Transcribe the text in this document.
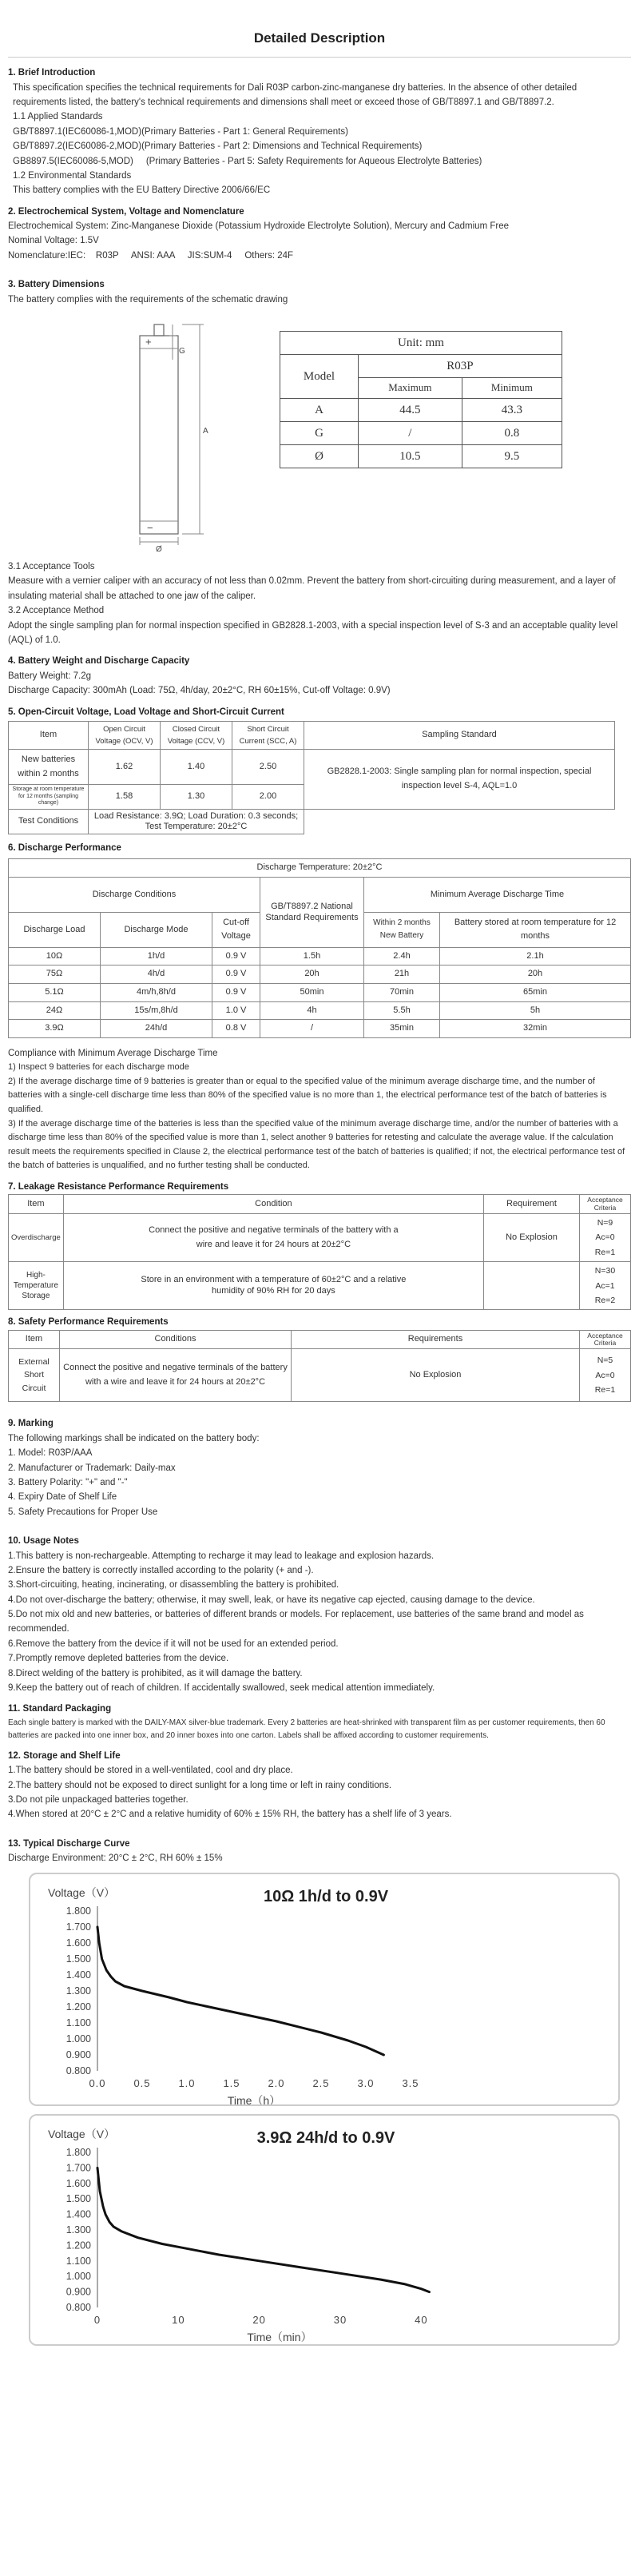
Detailed Description
1. Brief Introduction

This specification specifies the technical requirements for Dali R03P carbon-zinc-manganese dry batteries. In the absence of other detailed requirements listed, the battery's technical requirements and dimensions shall meet or exceed those of GB/T8897.1 and GB/T8897.2.

1.1 Applied Standards

GB/T8897.1(IEC60086-1,MOD)(Primary Batteries - Part 1: General Requirements)

GB/T8897.2(IEC60086-2,MOD)(Primary Batteries - Part 2: Dimensions and Technical Requirements)

GB8897.5(IEC60086-5,MOD)     (Primary Batteries - Part 5: Safety Requirements for Aqueous Electrolyte Batteries)

1.2 Environmental Standards

This battery complies with the EU Battery Directive 2006/66/EC

2. Electrochemical System, Voltage and Nomenclature

Electrochemical System: Zinc-Manganese Dioxide (Potassium Hydroxide Electrolyte Solution), Mercury and Cadmium Free

Nominal Voltage: 1.5V

Nomenclature:IEC:    R03P     ANSI: AAA     JIS:SUM-4     Others: 24F

3. Battery Dimensions

The battery complies with the requirements of the schematic drawing

+
−
G
A
Ø
Unit: mm		
Model	R03P	
	Maximum	Minimum
A	44.5	43.3
G	/	0.8
Ø	10.5	9.5

3.1 Acceptance Tools

Measure with a vernier caliper with an accuracy of not less than 0.02mm. Prevent the battery from short-circuiting during measurement, and a layer of insulating material shall be attached to one jaw of the caliper.

3.2 Acceptance Method

Adopt the single sampling plan for normal inspection specified in GB2828.1-2003, with a special inspection level of S-3 and an acceptable quality level (AQL) of 1.0.

4. Battery Weight and Discharge Capacity

Battery Weight: 7.2g

Discharge Capacity: 300mAh (Load: 75Ω, 4h/day, 20±2°C, RH 60±15%, Cut-off Voltage: 0.9V)

5. Open-Circuit Voltage, Load Voltage and Short-Circuit Current
Item	Open Circuit Voltage (OCV, V)	Closed Circuit Voltage (CCV, V)	Short Circuit Current (SCC, A)	Sampling Standard
New batteries within 2 months	1.62	1.40	2.50	GB2828.1-2003: Single sampling plan for normal inspection, special inspection level S-4, AQL=1.0
Storage at room temperature for 12 months (sampling change)	1.58	1.30	2.00	
Test Conditions	Load Resistance: 3.9Ω; Load Duration: 0.3 seconds; Test Temperature: 20±2°C			
6. Discharge Performance
Discharge Temperature: 20±2°C					
Discharge Conditions			GB/T8897.2 National Standard Requirements	Minimum Average Discharge Time	
Discharge Load	Discharge Mode	Cut-off Voltage		Within 2 months New Battery	Battery stored at room temperature for 12 months
10Ω	1h/d	0.9 V	1.5h	2.4h	2.1h
75Ω	4h/d	0.9 V	20h	21h	20h
5.1Ω	4m/h,8h/d	0.9 V	50min	70min	65min
24Ω	15s/m,8h/d	1.0 V	4h	5.5h	5h
3.9Ω	24h/d	0.8 V	/	35min	32min

Compliance with Minimum Average Discharge Time

1) Inspect 9 batteries for each discharge mode

2) If the average discharge time of 9 batteries is greater than or equal to the specified value of the minimum average discharge time, and the number of batteries with a single-cell discharge time less than 80% of the specified value is no more than 1, the electrical performance test of the batch of batteries is qualified.

3) If the average discharge time of the batteries is less than the specified value of the minimum average discharge time, and/or the number of batteries with a discharge time less than 80% of the specified value is more than 1, select another 9 batteries for retesting and calculate the average value. If the calculation result meets the requirements specified in Clause 2, the electrical performance test of the batch of batteries is qualified; if not, the electrical performance test of the batch of batteries is unqualified, and no further testing shall be conducted.

7. Leakage Resistance Performance Requirements
Item	Condition	Requirement	Acceptance Criteria
Overdischarge	Connect the positive and negative terminals of the battery with a wire and leave it for 24 hours at 20±2°C	No Explosion	N=9
Ac=0
Re=1
High-Temperature Storage	Store in an environment with a temperature of 60±2°C and a relative humidity of 90% RH for 20 days		N=30
Ac=1
Re=2
8. Safety Performance Requirements
Item	Conditions	Requirements	Acceptance Criteria
External Short Circuit	Connect the positive and negative terminals of the battery with a wire and leave it for 24 hours at 20±2°C	No Explosion	N=5
Ac=0
Re=1
9. Marking

The following markings shall be indicated on the battery body:

1. Model: R03P/AAA

2. Manufacturer or Trademark: Daily-max

3. Battery Polarity: "+" and "-"

4. Expiry Date of Shelf Life

5. Safety Precautions for Proper Use

10. Usage Notes

1.This battery is non-rechargeable. Attempting to recharge it may lead to leakage and explosion hazards.

2.Ensure the battery is correctly installed according to the polarity (+ and -).

3.Short-circuiting, heating, incinerating, or disassembling the battery is prohibited.

4.Do not over-discharge the battery; otherwise, it may swell, leak, or have its negative cap ejected, causing damage to the device.

5.Do not mix old and new batteries, or batteries of different brands or models. For replacement, use batteries of the same brand and model as recommended.

6.Remove the battery from the device if it will not be used for an extended period.

7.Promptly remove depleted batteries from the device.

8.Direct welding of the battery is prohibited, as it will damage the battery.

9.Keep the battery out of reach of children. If accidentally swallowed, seek medical attention immediately.

11. Standard Packaging

Each single battery is marked with the DAILY-MAX silver-blue trademark. Every 2 batteries are heat-shrinked with transparent film as per customer requirements, then 60 batteries are packed into one inner box, and 20 inner boxes into one carton. Labels shall be affixed according to customer requirements.

12. Storage and Shelf Life

1.The battery should be stored in a well-ventilated, cool and dry place.

2.The battery should not be exposed to direct sunlight for a long time or left in rainy conditions.

3.Do not pile unpackaged batteries together.

4.When stored at 20°C ± 2°C and a relative humidity of 60% ± 15% RH, the battery has a shelf life of 3 years.

13. Typical Discharge Curve

Discharge Environment: 20°C ± 2°C, RH 60% ± 15%

10Ω 1h/d to 0.9V
Voltage（V）
Time（h）
0.800
0.900
1.000
1.100
1.200
1.300
1.400
1.500
1.600
1.700
1.800
0.0	0.5	1.0	1.5	2.0	2.5	3.0	3.5
3.9Ω 24h/d to 0.9V
Voltage（V）
Time（min）
0.800
0.900
1.000
1.100
1.200
1.300
1.400
1.500
1.600
1.700
1.800
0	10	20	30	40
